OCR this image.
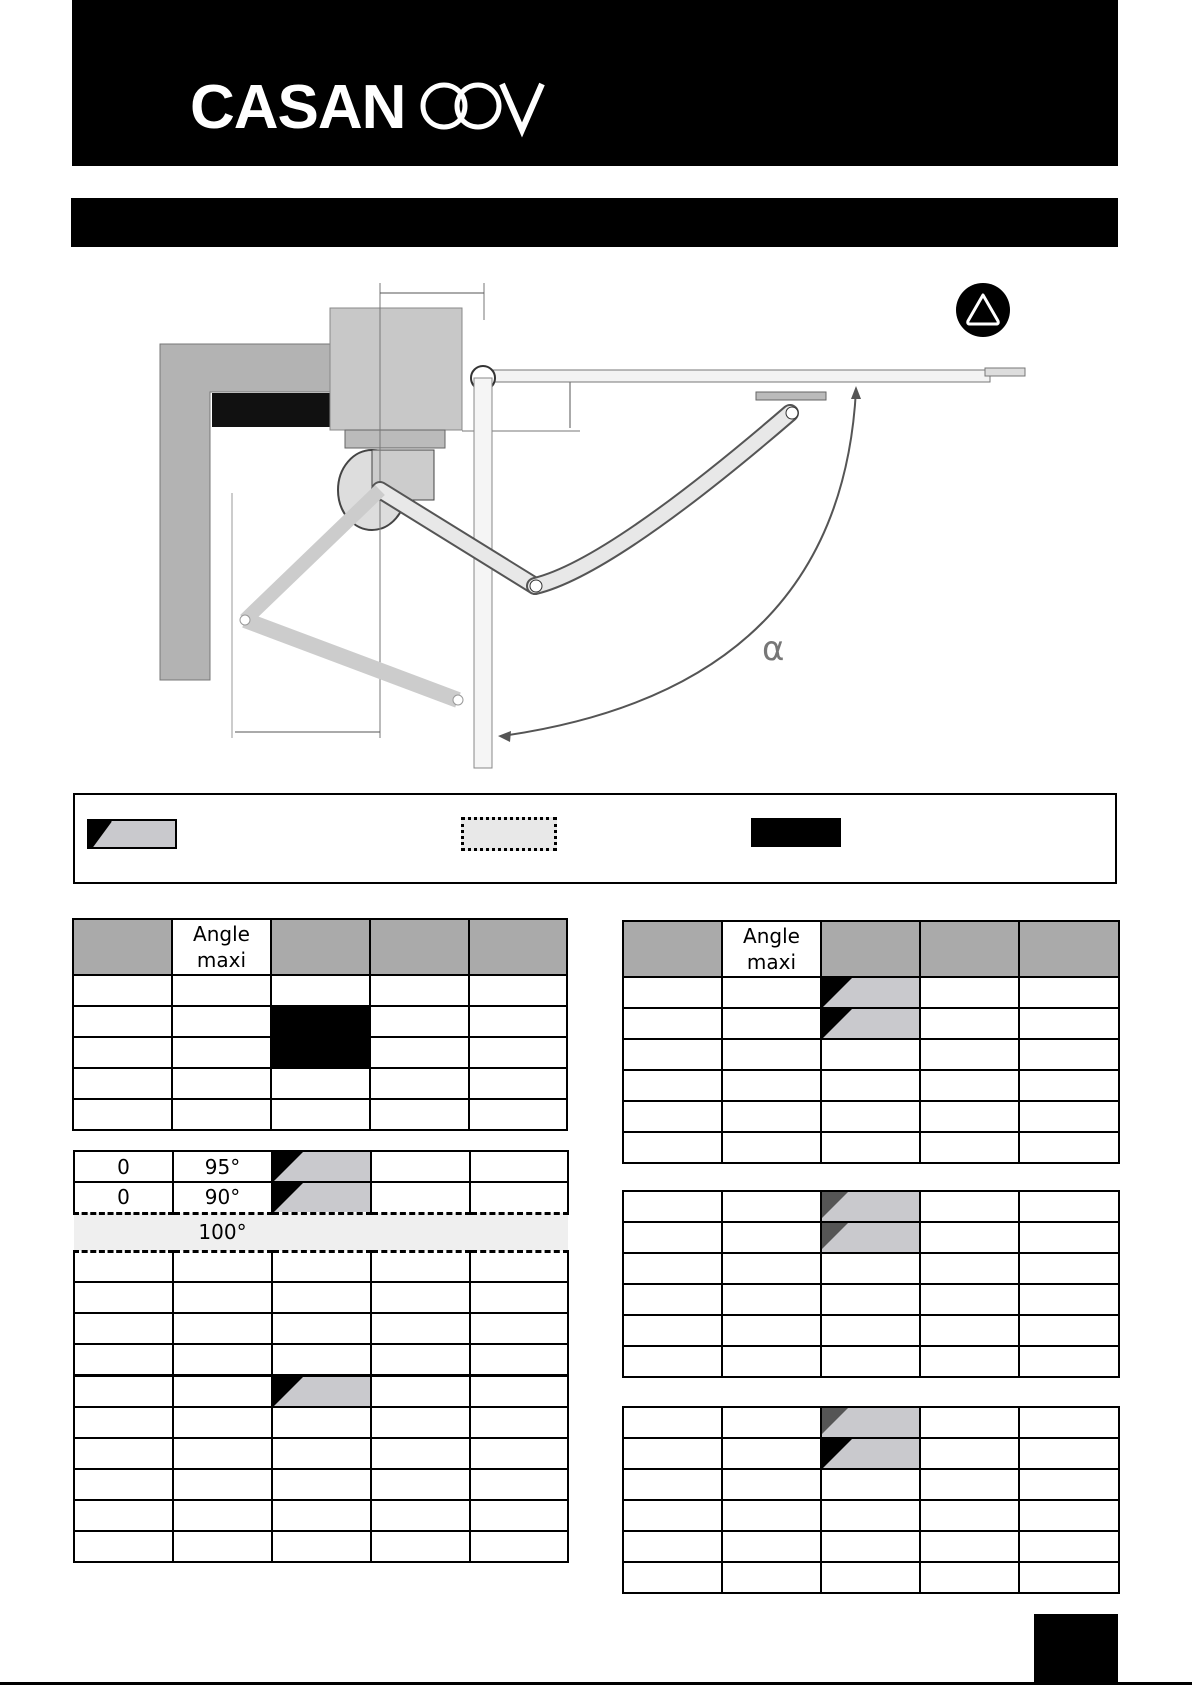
CASAN
α
	Angle maxi			

0	95°			
0	90°			
	100°			

	Angle maxi			
